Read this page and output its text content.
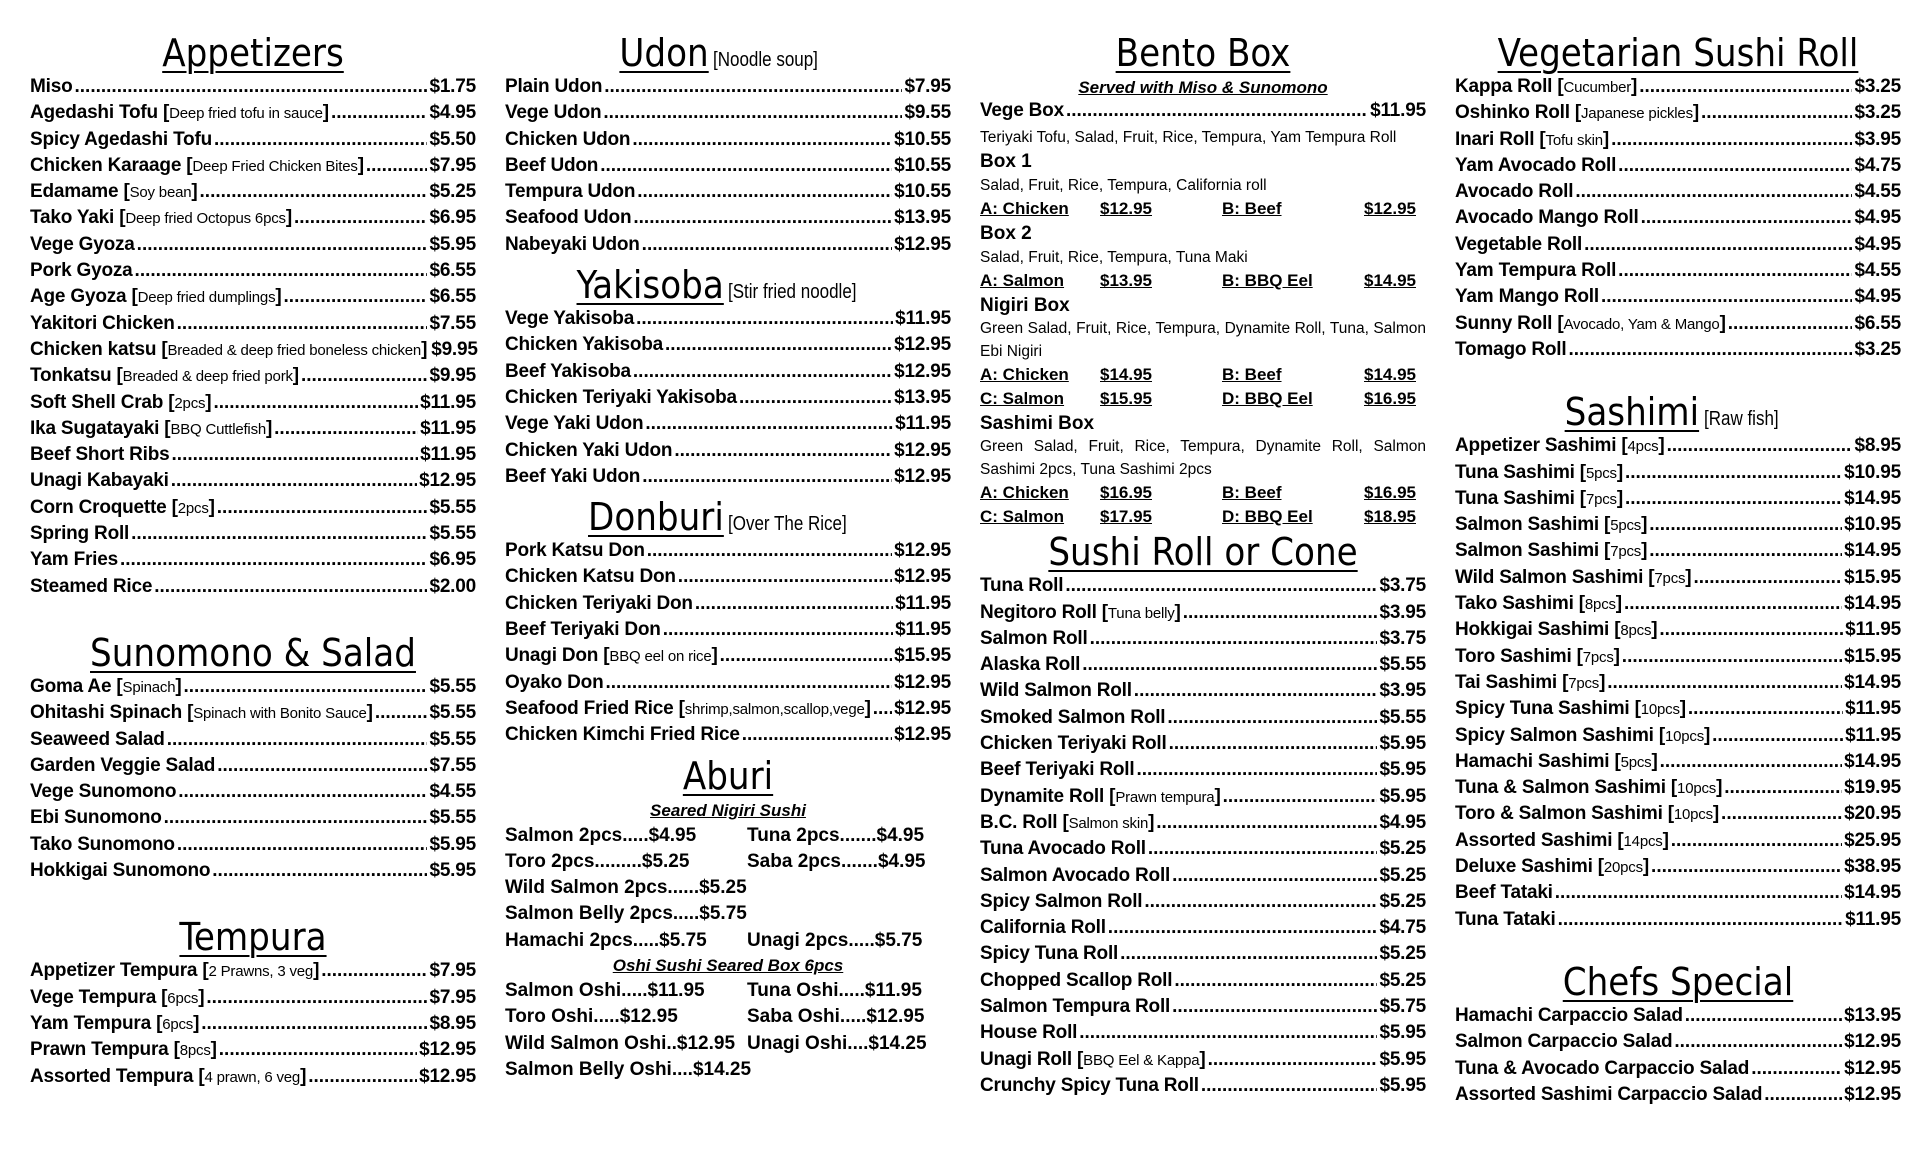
Appetizers
Miso .....	$1.75
Agedashi Tofu [Deep fried tofu in sauce] .....	$4.95
Spicy Agedashi Tofu .....	$5.50
Chicken Karaage [Deep Fried Chicken Bites] .....	$7.95
Edamame [Soy bean] .....	$5.25
Tako Yaki [Deep fried Octopus 6pcs] .....	$6.95
Vege Gyoza .....	$5.95
Pork Gyoza .....	$6.55
Age Gyoza [Deep fried dumplings] .....	$6.55
Yakitori Chicken .....	$7.55
Chicken katsu [Breaded & deep fried boneless chicken] $9.95
Tonkatsu [Breaded & deep fried pork] .....	$9.95
Soft Shell Crab [2pcs] .....	$11.95
Ika Sugatayaki [BBQ Cuttlefish] .....	$11.95
Beef Short Ribs .....	$11.95
Unagi Kabayaki .....	$12.95
Corn Croquette [2pcs] .....	$5.55
Spring Roll .....	$5.55
Yam Fries .....	$6.95
Steamed Rice .....	$2.00
Sunomono & Salad
Goma Ae [Spinach] .....	$5.55
Ohitashi Spinach [Spinach with Bonito Sauce] .....	$5.55
Seaweed Salad .....	$5.55
Garden Veggie Salad .....	$7.55
Vege Sunomono .....	$4.55
Ebi Sunomono .....	$5.55
Tako Sunomono .....	$5.95
Hokkigai Sunomono .....	$5.95
Tempura
Appetizer Tempura [2 Prawns, 3 veg] .....	$7.95
Vege Tempura [6pcs] .....	$7.95
Yam Tempura [6pcs] .....	$8.95
Prawn Tempura [8pcs] .....	$12.95
Assorted Tempura [4 prawn, 6 veg] .....	$12.95
Udon [Noodle soup]
Plain Udon .....	$7.95
Vege Udon .....	$9.55
Chicken Udon .....	$10.55
Beef Udon .....	$10.55
Tempura Udon .....	$10.55
Seafood Udon .....	$13.95
Nabeyaki Udon .....	$12.95
Yakisoba [Stir fried noodle]
Vege Yakisoba .....	$11.95
Chicken Yakisoba .....	$12.95
Beef Yakisoba .....	$12.95
Chicken Teriyaki Yakisoba .....	$13.95
Vege Yaki Udon .....	$11.95
Chicken Yaki Udon .....	$12.95
Beef Yaki Udon .....	$12.95
Donburi [Over The Rice]
Pork Katsu Don .....	$12.95
Chicken Katsu Don .....	$12.95
Chicken Teriyaki Don .....	$11.95
Beef Teriyaki Don .....	$11.95
Unagi Don [BBQ eel on rice] .....	$15.95
Oyako Don .....	$12.95
Seafood Fried Rice [shrimp,salmon,scallop,vege] ..... $12.95
Chicken Kimchi Fried Rice .....	$12.95
Aburi
Seared Nigiri Sushi
Salmon 2pcs.....$4.95	Tuna 2pcs.......$4.95
Toro 2pcs.........$5.25	Saba 2pcs.......$4.95
Wild Salmon 2pcs......$5.25
Salmon Belly 2pcs.....$5.75
Hamachi 2pcs.....$5.75	Unagi 2pcs.....$5.75
Oshi Sushi Seared Box 6pcs
Salmon Oshi.....$11.95	Tuna Oshi.....$11.95
Toro Oshi.....$12.95	Saba Oshi.....$12.95
Wild Salmon Oshi..$12.95 Unagi Oshi....$14.25
Salmon Belly Oshi....$14.25
Bento Box
Served with Miso & Sunomono
Vege Box .....	$11.95
Teriyaki Tofu, Salad, Fruit, Rice, Tempura, Yam Tempura Roll
Box 1
Salad, Fruit, Rice, Tempura, California roll
A: Chicken	$12.95	B: Beef	$12.95
Box 2
Salad, Fruit, Rice, Tempura, Tuna Maki
A: Salmon	$13.95	B: BBQ Eel	$14.95
Nigiri Box
Green Salad, Fruit, Rice, Tempura, Dynamite Roll, Tuna, Salmon Ebi Nigiri
A: Chicken	$14.95	B: Beef	$14.95
C: Salmon	$15.95	D: BBQ Eel	$16.95
Sashimi Box
Green Salad, Fruit, Rice, Tempura, Dynamite Roll, Salmon Sashimi 2pcs, Tuna Sashimi 2pcs
A: Chicken	$16.95	B: Beef	$16.95
C: Salmon	$17.95	D: BBQ Eel	$18.95
Sushi Roll or Cone
Tuna Roll .....	$3.75
Negitoro Roll [Tuna belly] .....	$3.95
Salmon Roll .....	$3.75
Alaska Roll .....	$5.55
Wild Salmon Roll .....	$3.95
Smoked Salmon Roll .....	$5.55
Chicken Teriyaki Roll .....	$5.95
Beef Teriyaki Roll .....	$5.95
Dynamite Roll [Prawn tempura] .....	$5.95
B.C. Roll [Salmon skin] .....	$4.95
Tuna Avocado Roll .....	$5.25
Salmon Avocado Roll .....	$5.25
Spicy Salmon Roll .....	$5.25
California Roll .....	$4.75
Spicy Tuna Roll .....	$5.25
Chopped Scallop Roll .....	$5.25
Salmon Tempura Roll .....	$5.75
House Roll .....	$5.95
Unagi Roll [BBQ Eel & Kappa] .....	$5.95
Crunchy Spicy Tuna Roll .....	$5.95
Vegetarian Sushi Roll
Kappa Roll [Cucumber] .....	$3.25
Oshinko Roll [Japanese pickles] .....	$3.25
Inari Roll [Tofu skin] .....	$3.95
Yam Avocado Roll .....	$4.75
Avocado Roll .....	$4.55
Avocado Mango Roll .....	$4.95
Vegetable Roll .....	$4.95
Yam Tempura Roll .....	$4.55
Yam Mango Roll .....	$4.95
Sunny Roll [Avocado, Yam & Mango] .....	$6.55
Tomago Roll .....	$3.25
Sashimi [Raw fish]
Appetizer Sashimi [4pcs] .....	$8.95
Tuna Sashimi [5pcs] .....	$10.95
Tuna Sashimi [7pcs] .....	$14.95
Salmon Sashimi [5pcs] .....	$10.95
Salmon Sashimi [7pcs] .....	$14.95
Wild Salmon Sashimi [7pcs] .....	$15.95
Tako Sashimi [8pcs] .....	$14.95
Hokkigai Sashimi [8pcs] .....	$11.95
Toro Sashimi [7pcs] .....	$15.95
Tai Sashimi [7pcs] .....	$14.95
Spicy Tuna Sashimi [10pcs] .....	$11.95
Spicy Salmon Sashimi [10pcs] .....	$11.95
Hamachi Sashimi [5pcs] .....	$14.95
Tuna & Salmon Sashimi [10pcs] .....	$19.95
Toro & Salmon Sashimi [10pcs] .....	$20.95
Assorted Sashimi [14pcs] .....	$25.95
Deluxe Sashimi [20pcs] .....	$38.95
Beef Tataki .....	$14.95
Tuna Tataki .....	$11.95
Chefs Special
Hamachi Carpaccio Salad .....	$13.95
Salmon Carpaccio Salad .....	$12.95
Tuna & Avocado Carpaccio Salad .....	$12.95
Assorted Sashimi Carpaccio Salad .....	$12.95
